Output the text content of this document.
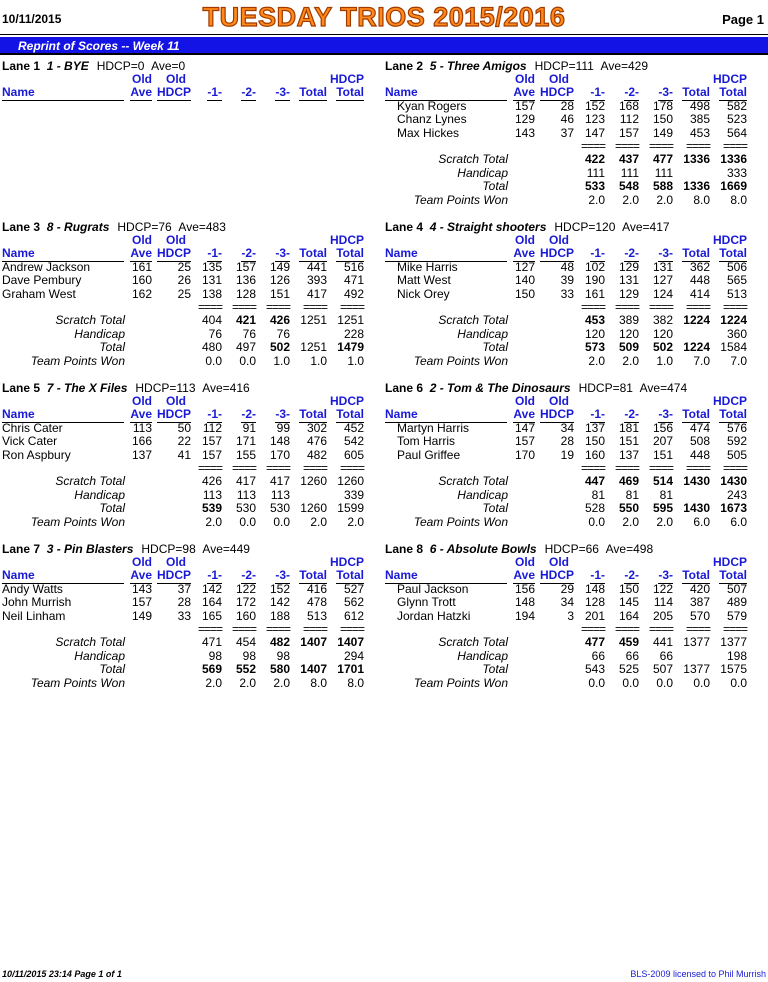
10/11/2015	TUESDAY TRIOS 2015/2016	Page 1
Reprint of Scores -- Week 11
Lane 1 1 - BYE HDCP=0 Ave=0
Old Old	HDCP
Name	Ave HDCP -1- -2- -3- Total Total
Lane 2 5 - Three Amigos HDCP=111 Ave=429
Old Old	HDCP
Name	Ave HDCP -1- -2- -3- Total Total
Kyan Rogers	157 28 152 168 178 498 582
Chanz Lynes	129 46 123 112 150 385 523
Max Hickes	143 37 147 157 149 453 564
==== ==== ==== ==== ====
Scratch Total	422 437 477 1336 1336
Handicap	111 111 111	333
Total	533 548 588 1336 1669
Team Points Won	2.0 2.0 2.0 8.0 8.0
Lane 3 8 - Rugrats HDCP=76 Ave=483
Old Old	HDCP
Name	Ave HDCP -1- -2- -3- Total Total
Andrew Jackson	161 25 135 157 149 441 516
Dave Pembury	160 26 131 136 126 393 471
Graham West	162 25 138 128 151 417 492
==== ==== ==== ==== ====
Scratch Total	404 421 426 1251 1251
Handicap	76 76 76	228
Total	480 497 502 1251 1479
Team Points Won	0.0 0.0 1.0 1.0 1.0
Lane 4 4 - Straight shooters HDCP=120 Ave=417
Old Old	HDCP
Name	Ave HDCP -1- -2- -3- Total Total
Mike Harris	127 48 102 129 131 362 506
Matt West	140 39 190 131 127 448 565
Nick Orey	150 33 161 129 124 414 513
==== ==== ==== ==== ====
Scratch Total	453 389 382 1224 1224
Handicap	120 120 120	360
Total	573 509 502 1224 1584
Team Points Won	2.0 2.0 1.0 7.0 7.0
Lane 5 7 - The X Files HDCP=113 Ave=416
Old Old	HDCP
Name	Ave HDCP -1- -2- -3- Total Total
Chris Cater	113 50 112 91 99 302 452
Vick Cater	166 22 157 171 148 476 542
Ron Aspbury	137 41 157 155 170 482 605
==== ==== ==== ==== ====
Scratch Total	426 417 417 1260 1260
Handicap	113 113 113	339
Total	539 530 530 1260 1599
Team Points Won	2.0 0.0 0.0 2.0 2.0
Lane 6 2 - Tom & The Dinosaurs HDCP=81 Ave=474
Old Old	HDCP
Name	Ave HDCP -1- -2- -3- Total Total
Martyn Harris	147 34 137 181 156 474 576
Tom Harris	157 28 150 151 207 508 592
Paul Griffee	170 19 160 137 151 448 505
==== ==== ==== ==== ====
Scratch Total	447 469 514 1430 1430
Handicap	81 81 81	243
Total	528 550 595 1430 1673
Team Points Won	0.0 2.0 2.0 6.0 6.0
Lane 7 3 - Pin Blasters HDCP=98 Ave=449
Old Old	HDCP
Name	Ave HDCP -1- -2- -3- Total Total
Andy Watts	143 37 142 122 152 416 527
John Murrish	157 28 164 172 142 478 562
Neil Linham	149 33 165 160 188 513 612
==== ==== ==== ==== ====
Scratch Total	471 454 482 1407 1407
Handicap	98 98 98	294
Total	569 552 580 1407 1701
Team Points Won	2.0 2.0 2.0 8.0 8.0
Lane 8 6 - Absolute Bowls HDCP=66 Ave=498
Old Old	HDCP
Name	Ave HDCP -1- -2- -3- Total Total
Paul Jackson	156 29 148 150 122 420 507
Glynn Trott	148 34 128 145 114 387 489
Jordan Hatzki	194	3 201 164 205 570 579
==== ==== ==== ==== ====
Scratch Total	477 459 441 1377 1377
Handicap	66 66 66	198
Total	543 525 507 1377 1575
Team Points Won	0.0 0.0 0.0 0.0 0.0
10/11/2015 23:14 Page 1 of 1	BLS-2009 licensed to Phil Murrish
